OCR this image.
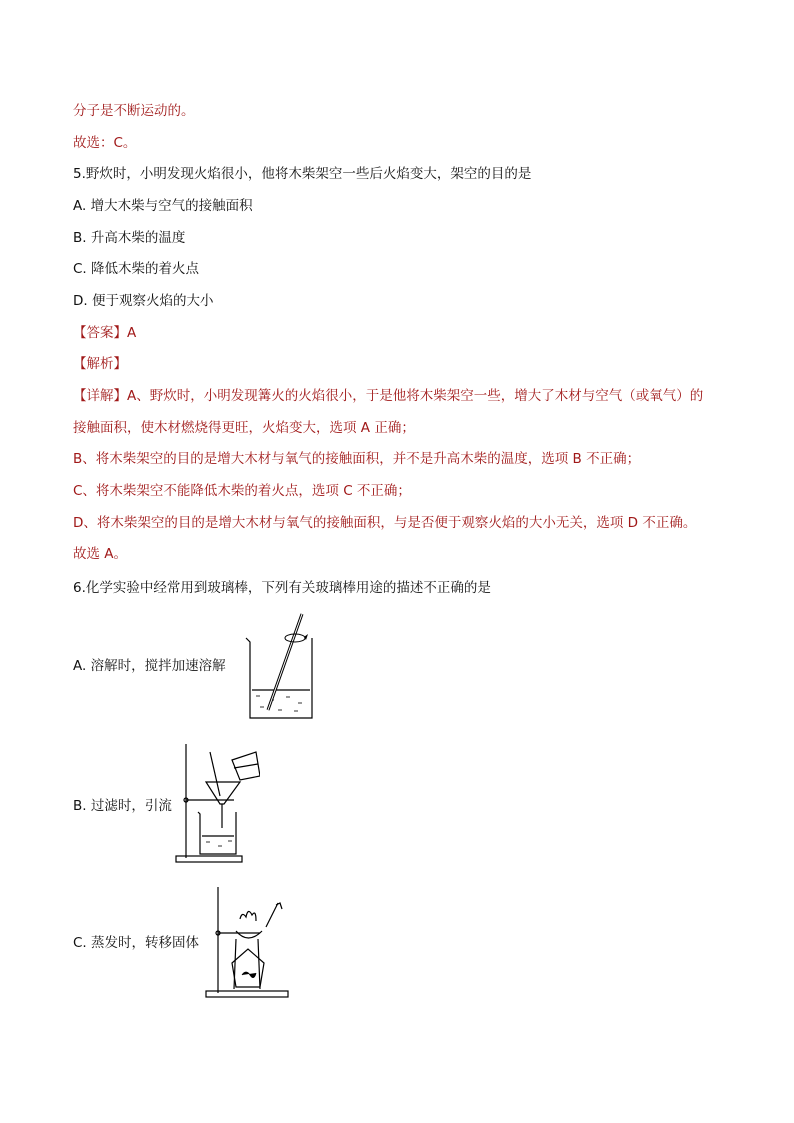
分子是不断运动的。
故选：C。
5.野炊时，小明发现火焰很小，他将木柴架空一些后火焰变大，架空的目的是
A. 增大木柴与空气的接触面积
B. 升高木柴的温度
C. 降低木柴的着火点
D. 便于观察火焰的大小
【答案】A
【解析】
【详解】A、野炊时，小明发现篝火的火焰很小，于是他将木柴架空一些，增大了木材与空气（或氧气）的
接触面积，使木材燃烧得更旺，火焰变大，选项 A 正确；
B、将木柴架空的目的是增大木材与氧气的接触面积，并不是升高木柴的温度，选项 B 不正确；
C、将木柴架空不能降低木柴的着火点，选项 C 不正确；
D、将木柴架空的目的是增大木材与氧气的接触面积，与是否便于观察火焰的大小无关，选项 D 不正确。
故选 A。
6.化学实验中经常用到玻璃棒，下列有关玻璃棒用途的描述不正确的是
A. 溶解时，搅拌加速溶解
B. 过滤时，引流
C. 蒸发时，转移固体
